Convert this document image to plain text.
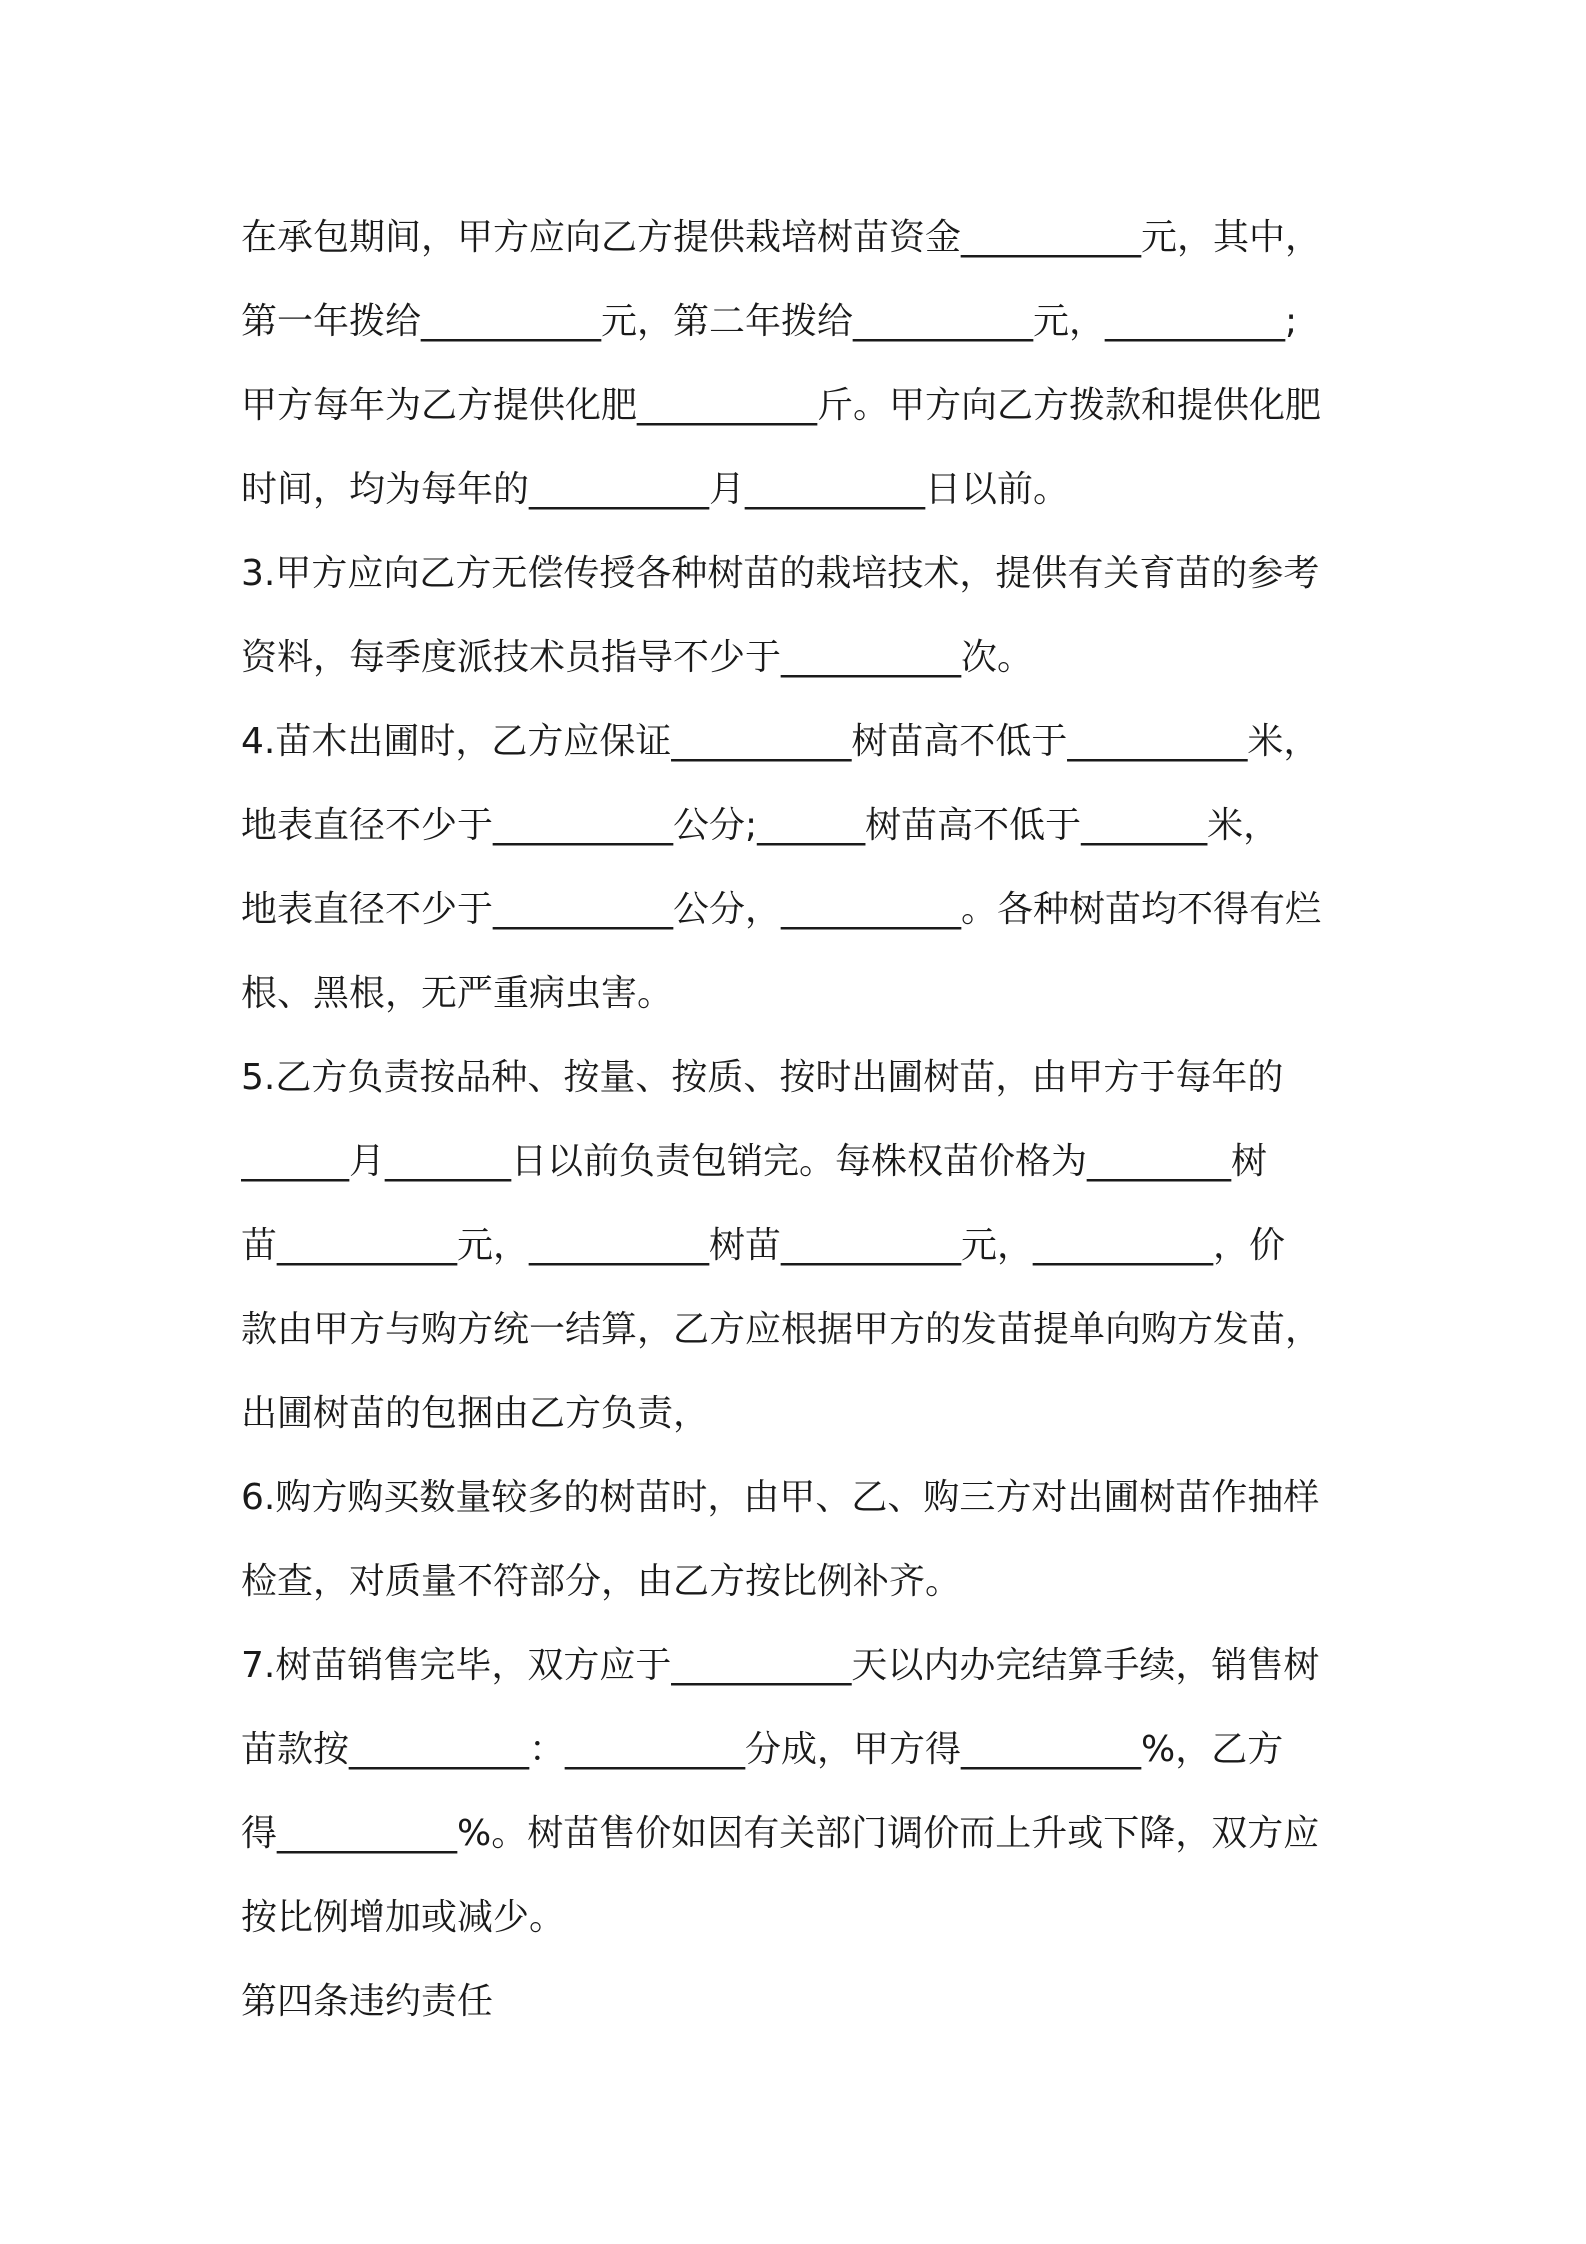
在承包期间，甲方应向乙方提供栽培树苗资金__________元，其中，
第一年拨给__________元，第二年拨给__________元，__________;
甲方每年为乙方提供化肥__________斤。甲方向乙方拨款和提供化肥
时间，均为每年的__________月__________日以前。
3.甲方应向乙方无偿传授各种树苗的栽培技术，提供有关育苗的参考
资料，每季度派技术员指导不少于__________次。
4.苗木出圃时，乙方应保证__________树苗高不低于__________米，
地表直径不少于__________公分;______树苗高不低于_______米，
地表直径不少于__________公分，__________。各种树苗均不得有烂
根、黑根，无严重病虫害。
5.乙方负责按品种、按量、按质、按时出圃树苗，由甲方于每年的
______月_______日以前负责包销完。每株权苗价格为________树
苗__________元，__________树苗__________元，__________，价
款由甲方与购方统一结算，乙方应根据甲方的发苗提单向购方发苗，
出圃树苗的包捆由乙方负责，
6.购方购买数量较多的树苗时，由甲、乙、购三方对出圃树苗作抽样
检查，对质量不符部分，由乙方按比例补齐。
7.树苗销售完毕，双方应于__________天以内办完结算手续，销售树
苗款按__________：__________分成，甲方得__________%，乙方
得__________%。树苗售价如因有关部门调价而上升或下降，双方应
按比例增加或减少。
第四条违约责任
